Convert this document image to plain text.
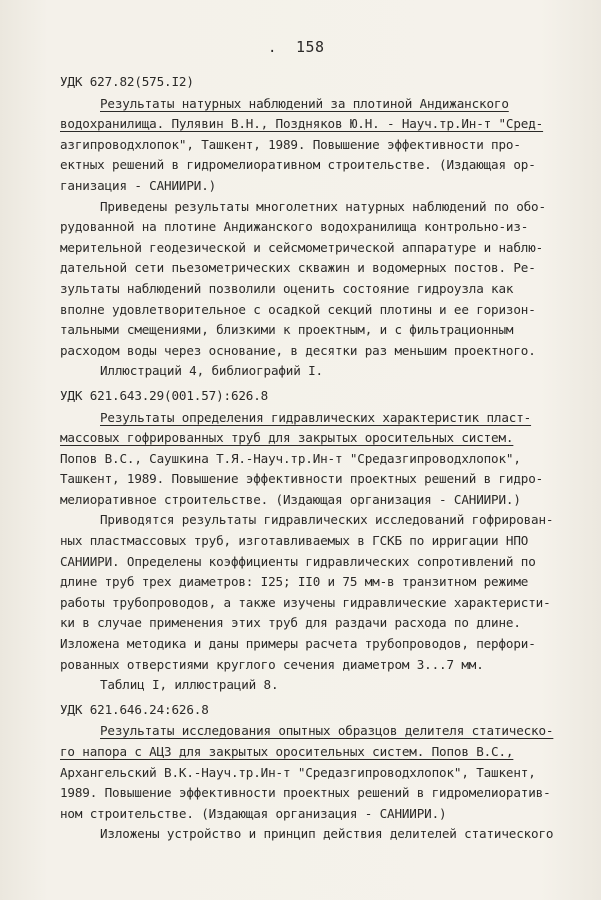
· 158
УДК 627.82(575.I2)
Результаты натурных наблюдений за плотиной Андижанского
водохранилища. Пулявин В.Н., Поздняков Ю.Н. - Науч.тр.Ин-т "Сред-
азгипроводхлопок", Ташкент, 1989. Повышение эффективности про-
ектных решений в гидромелиоративном строительстве. (Издающая ор-
ганизация - САНИИРИ.)
Приведены результаты многолетних натурных наблюдений по обо-
рудованной на плотине Андижанского водохранилища контрольно-из-
мерительной геодезической и сейсмометрической аппаратуре и наблю-
дательной сети пьезометрических скважин и водомерных постов. Ре-
зультаты наблюдений позволили оценить состояние гидроузла как
вполне удовлетворительное с осадкой секций плотины и ее горизон-
тальными смещениями, близкими к проектным, и с фильтрационным
расходом воды через основание, в десятки раз меньшим проектного.
Иллюстраций 4, библиографий I.
УДК 621.643.29(001.57):626.8
Результаты определения гидравлических характеристик пласт-
массовых гофрированных труб для закрытых оросительных систем.
Попов В.С., Саушкина Т.Я.-Науч.тр.Ин-т "Средазгипроводхлопок",
Ташкент, 1989. Повышение эффективности проектных решений в гидро-
мелиоративное строительстве. (Издающая организация - САНИИРИ.)
Приводятся результаты гидравлических исследований гофрирован-
ных пластмассовых труб, изготавливаемых в ГСКБ по ирригации НПО
САНИИРИ. Определены коэффициенты гидравлических сопротивлений по
длине труб трех диаметров: I25; II0 и 75 мм-в транзитном режиме
работы трубопроводов, а также изучены гидравлические характеристи-
ки в случае применения этих труб для раздачи расхода по длине.
Изложена методика и даны примеры расчета трубопроводов, перфори-
рованных отверстиями круглого сечения диаметром 3...7 мм.
Таблиц I, иллюстраций 8.
УДК 621.646.24:626.8
Результаты исследования опытных образцов делителя статическо-
го напора с АЦЗ для закрытых оросительных систем. Попов В.С.,
Архангельский В.К.-Науч.тр.Ин-т "Средазгипроводхлопок", Ташкент,
1989. Повышение эффективности проектных решений в гидромелиоратив-
ном строительстве. (Издающая организация - САНИИРИ.)
Изложены устройство и принцип действия делителей статического
